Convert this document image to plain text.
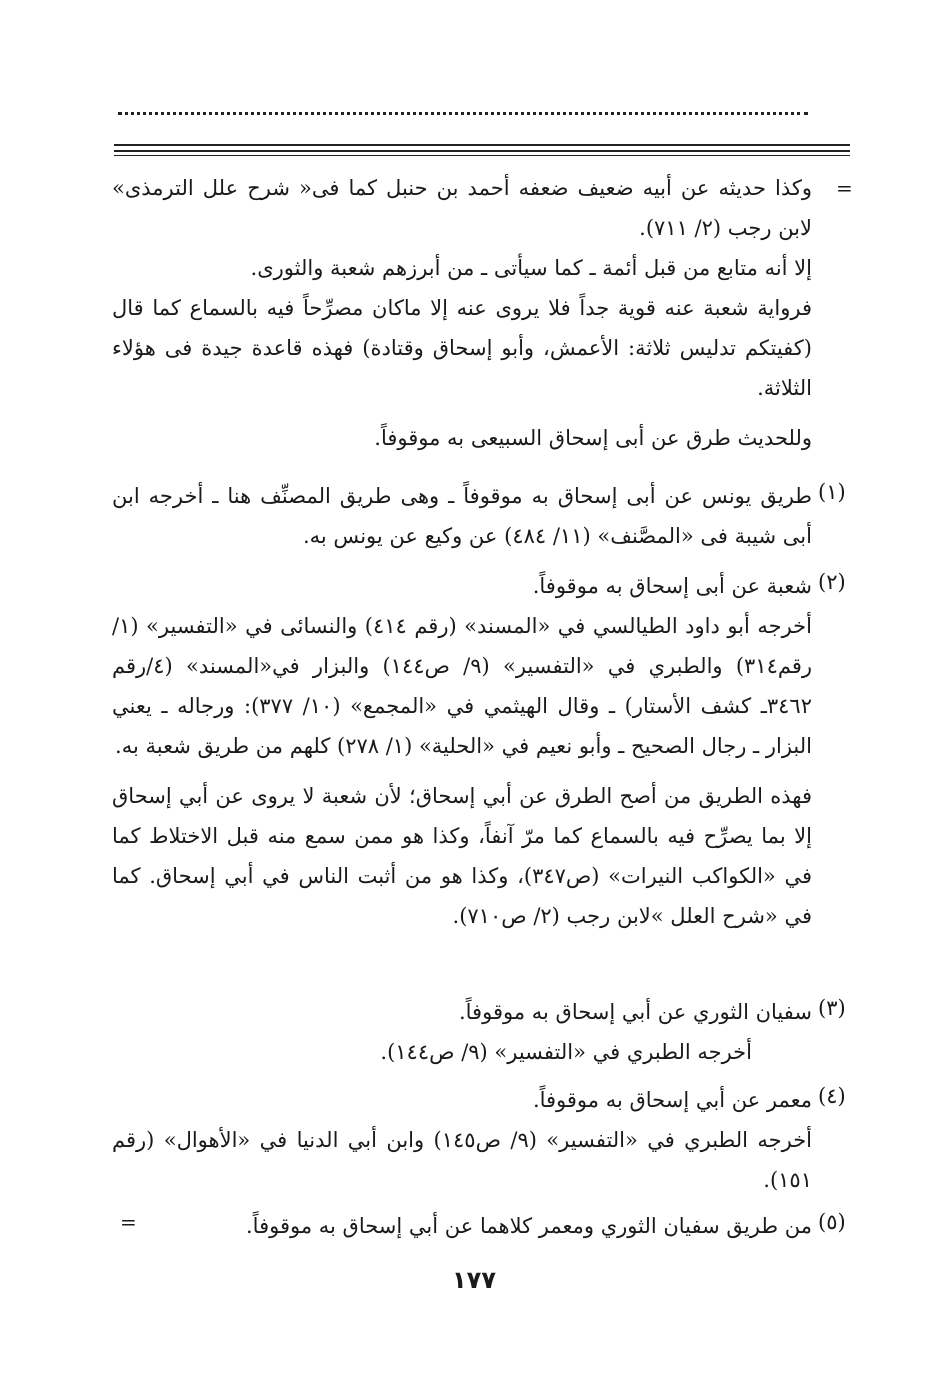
=

وكذا حديثه عن أبيه ضعيف ضعفه أحمد بن حنبل كما فى« شرح علل الترمذى» لابن رجب (٢/ ٧١١).

إلا أنه متابع من قبل أئمة ـ كما سيأتى ـ من أبرزهم شعبة والثورى.

فرواية شعبة عنه قوية جداً فلا يروى عنه إلا ماكان مصرِّحاً فيه بالسماع كما قال (كفيتكم تدليس ثلاثة: الأعمش، وأبو إسحاق وقتادة) فهذه قاعدة جيدة فى هؤلاء الثلاثة.

وللحديث طرق عن أبى إسحاق السبيعى به موقوفاً.

(١)

طريق يونس عن أبى إسحاق به موقوفاً ـ وهى طريق المصنِّف هنا ـ أخرجه ابن أبى شيبة فى «المصَّنف» (١١/ ٤٨٤) عن وكيع عن يونس به.

(٢)

شعبة عن أبى إسحاق به موقوفاً.

أخرجه أبو داود الطيالسي في «المسند» (رقم ٤١٤) والنسائى في «التفسير» (١/ رقم٣١٤) والطبري في «التفسير» (٩/ ص١٤٤) والبزار في«المسند» (٤/رقم ٣٤٦٢ـ كشف الأستار) ـ وقال الهيثمي في «المجمع» (١٠/ ٣٧٧): ورجاله ـ يعني البزار ـ رجال الصحيح ـ وأبو نعيم في «الحلية» (١/ ٢٧٨) كلهم من طريق شعبة به.

فهذه الطريق من أصح الطرق عن أبي إسحاق؛ لأن شعبة لا يروى عن أبي إسحاق إلا بما يصرِّح فيه بالسماع كما مرّ آنفاً، وكذا هو ممن سمع منه قبل الاختلاط كما في «الكواكب النيرات» (ص٣٤٧)، وكذا هو من أثبت الناس في أبي إسحاق. كما في «شرح العلل »لابن رجب (٢/ ص٧١٠).

(٣)

سفيان الثوري عن أبي إسحاق به موقوفاً.

أخرجه الطبري في «التفسير» (٩/ ص١٤٤).

(٤)

معمر عن أبي إسحاق به موقوفاً.

أخرجه الطبري في «التفسير» (٩/ ص١٤٥) وابن أبي الدنيا في «الأهوال» (رقم ١٥١).

(٥)

من طريق سفيان الثوري ومعمر كلاهما عن أبي إسحاق به موقوفاً.

=
١٧٧
